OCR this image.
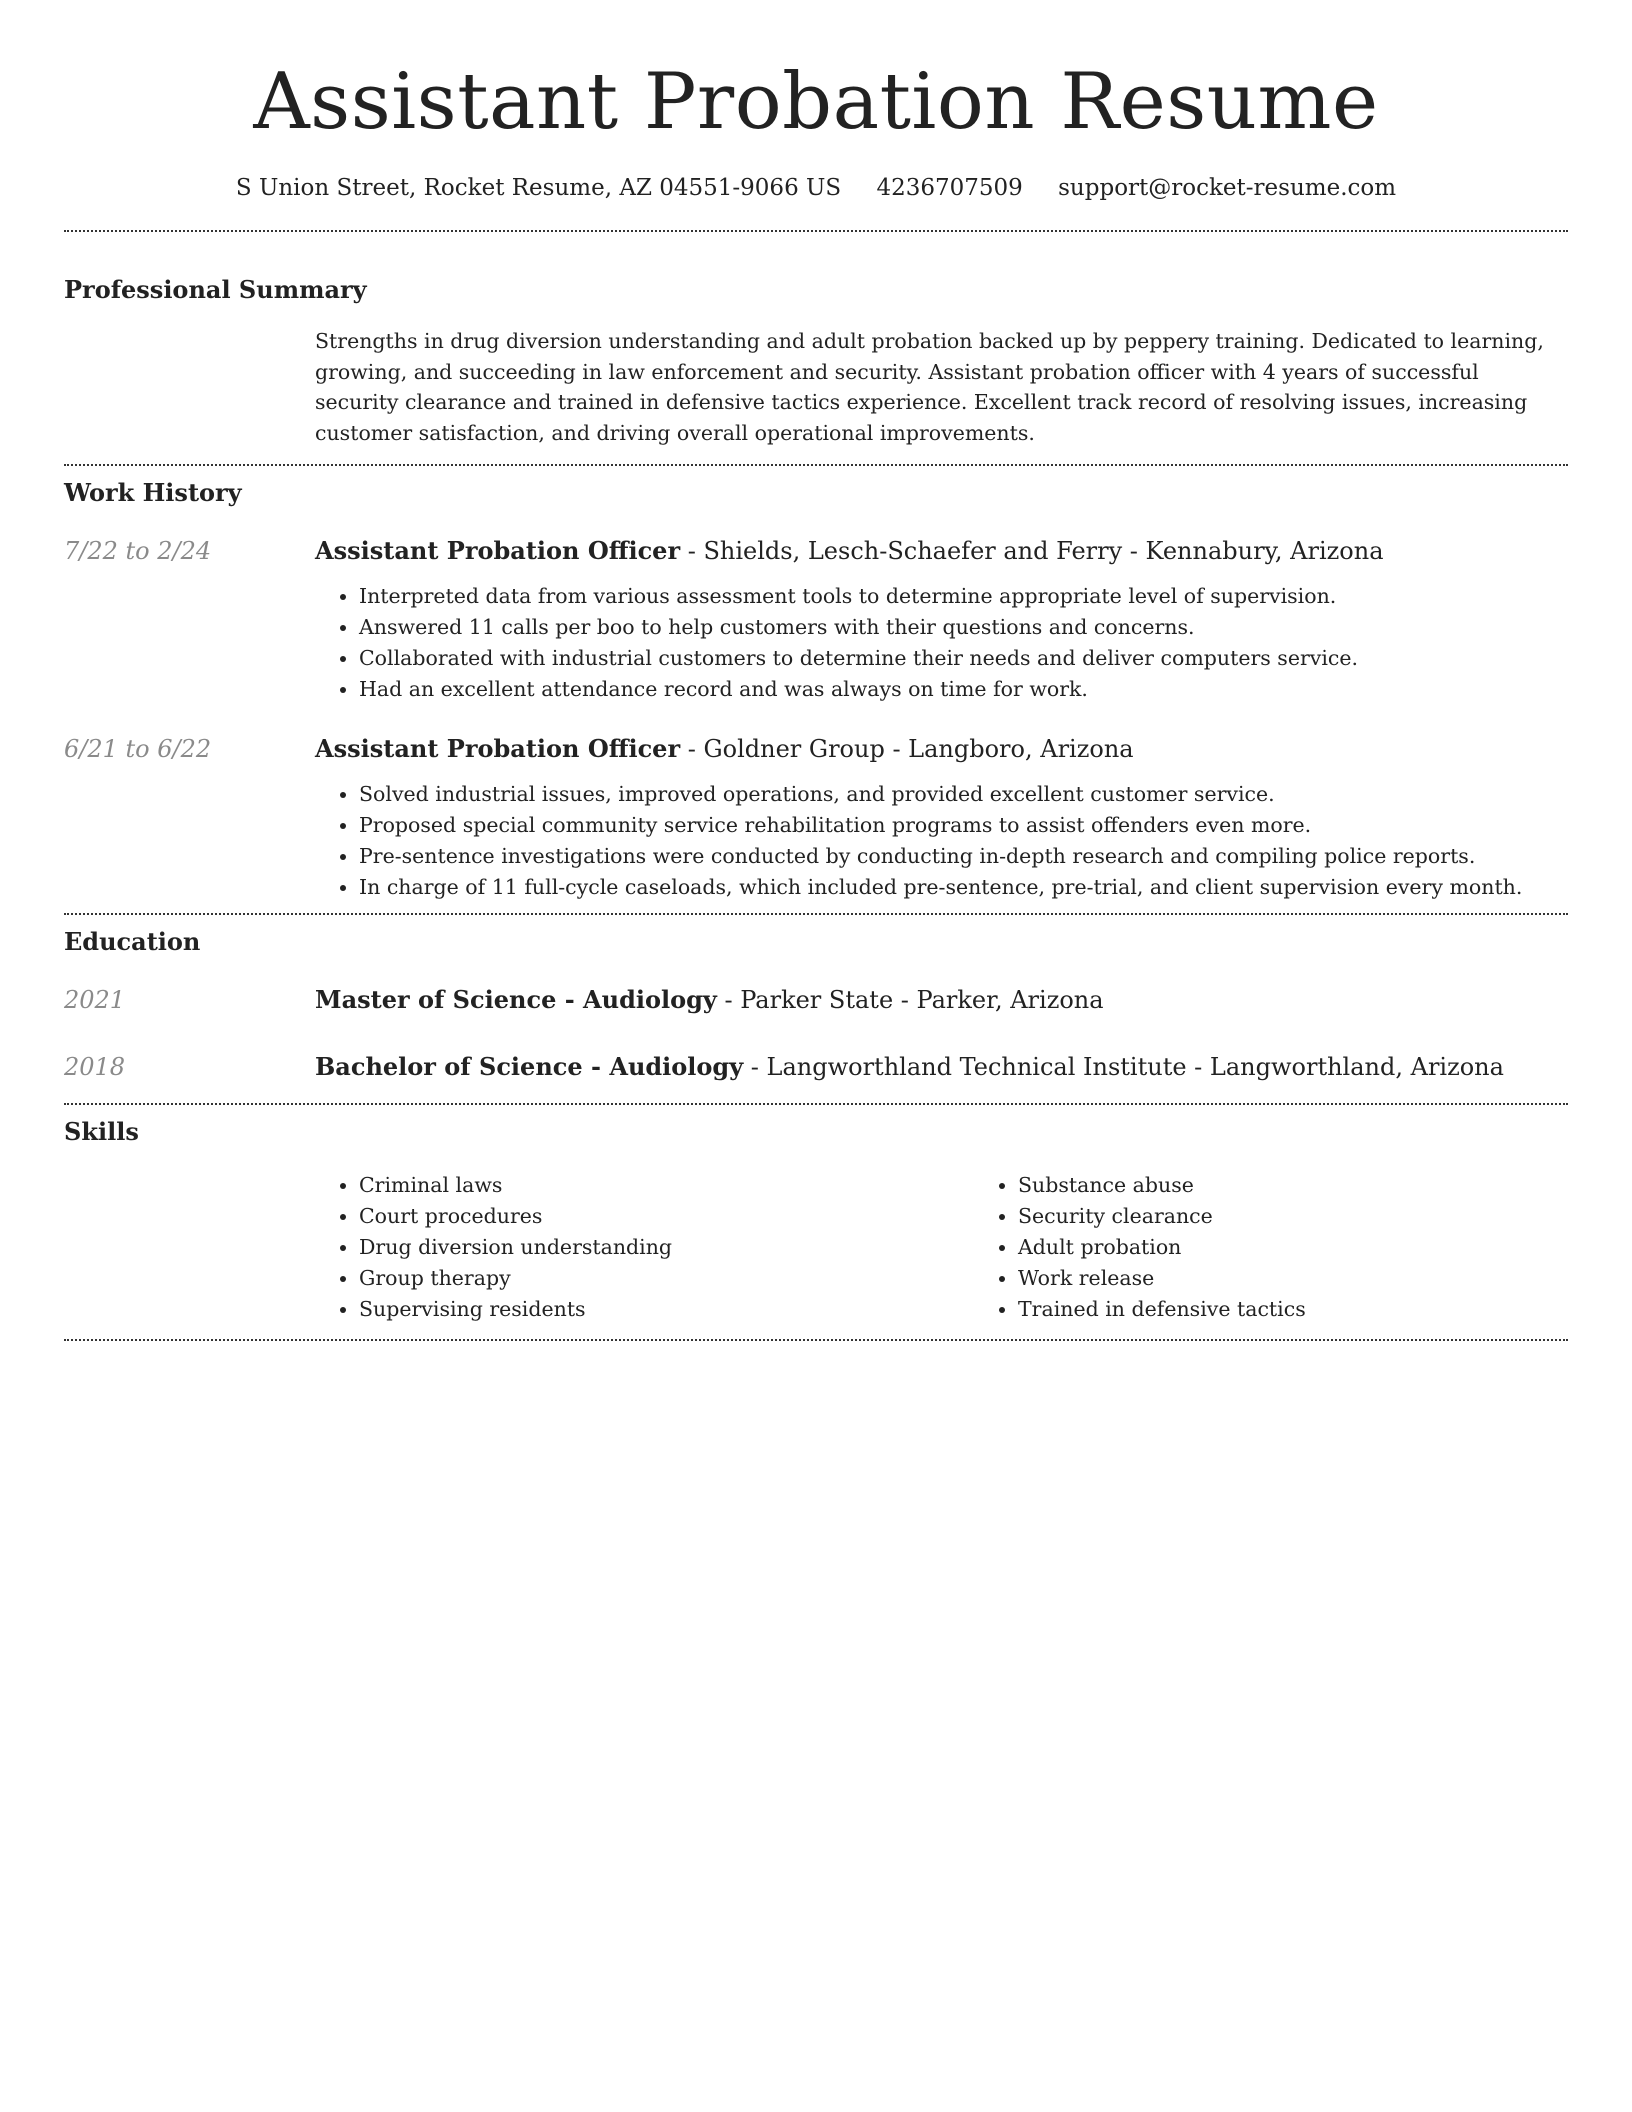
Assistant Probation Resume
S Union Street, Rocket Resume, AZ 04551-9066 US 4236707509 support@rocket-resume.com
Professional Summary

Strengths in drug diversion understanding and adult probation backed up by peppery training. Dedicated to learning, growing, and succeeding in law enforcement and security. Assistant probation officer with 4 years of successful security clearance and trained in defensive tactics experience. Excellent track record of resolving issues, increasing customer satisfaction, and driving overall operational improvements.

Work History
7/22 to 2/24	Assistant Probation Officer - Shields, Lesch-Schaefer and Ferry - Kennabury, Arizona

• Interpreted data from various assessment tools to determine appropriate level of supervision.
• Answered 11 calls per boo to help customers with their questions and concerns.
• Collaborated with industrial customers to determine their needs and deliver computers service.
• Had an excellent attendance record and was always on time for work.
6/21 to 6/22	Assistant Probation Officer - Goldner Group - Langboro, Arizona

• Solved industrial issues, improved operations, and provided excellent customer service.
• Proposed special community service rehabilitation programs to assist offenders even more.
• Pre-sentence investigations were conducted by conducting in-depth research and compiling police reports.
• In charge of 11 full-cycle caseloads, which included pre-sentence, pre-trial, and client supervision every month.
Education
2021	Master of Science - Audiology - Parker State - Parker, Arizona

2018	Bachelor of Science - Audiology - Langworthland Technical Institute - Langworthland, Arizona

Skills
• Criminal laws
• Court procedures
• Drug diversion understanding
• Group therapy
• Supervising residents
• Substance abuse
• Security clearance
• Adult probation
• Work release
• Trained in defensive tactics
